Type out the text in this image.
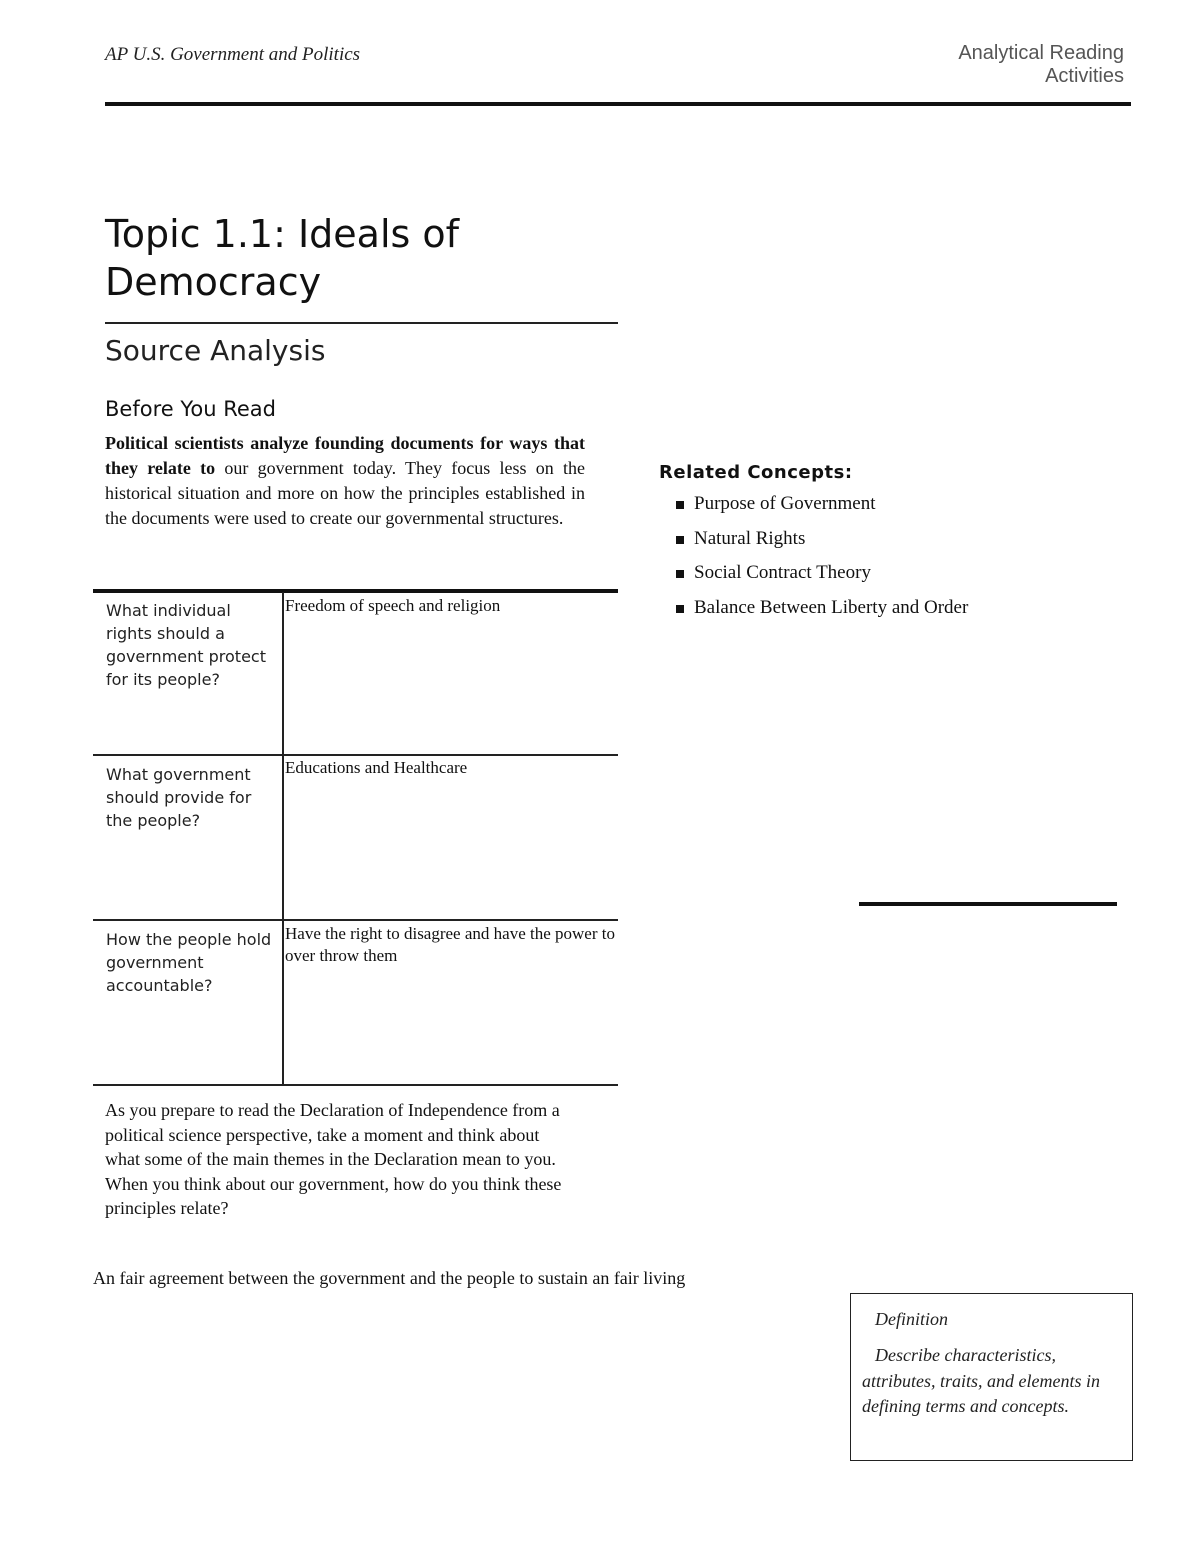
AP U.S. Government and Politics	Analytical Reading Activities
Topic 1.1: Ideals of Democracy
Source Analysis
Before You Read
Political scientists analyze founding documents for ways that they relate to our government today. They focus less on the historical situation and more on how the principles established in the documents were used to create our governmental structures.
What individual rights should a government protect for its people?
Freedom of speech and religion
What government should provide for the people?
Educations and Healthcare
How the people hold government accountable?
Have the right to disagree and have the power to over throw them
As you prepare to read the Declaration of Independence from a political science perspective, take a moment and think about what some of the main themes in the Declaration mean to you. When you think about our government, how do you think these principles relate?
An fair agreement between the government and the people to sustain an fair living
Related Concepts:
Purpose of Government
Natural Rights
Social Contract Theory
Balance Between Liberty and Order
Definition
Describe characteristics, attributes, traits, and elements in defining terms and concepts.
